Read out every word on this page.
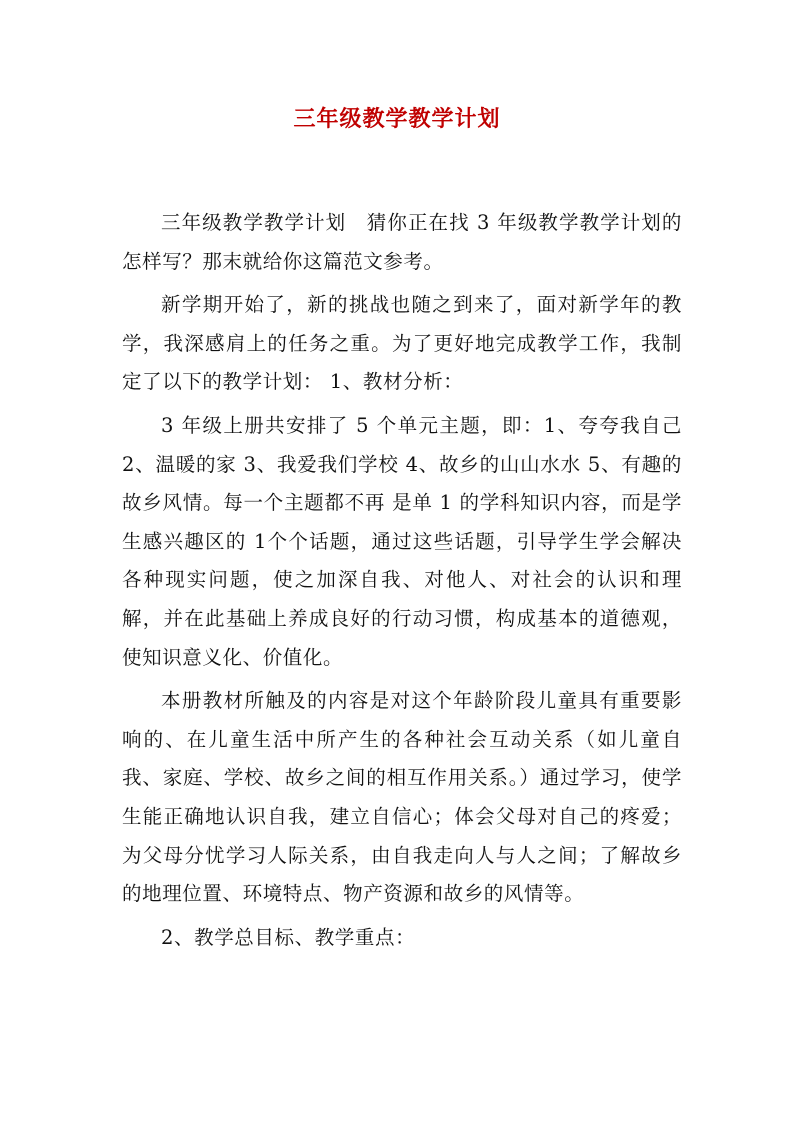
三年级教学教学计划

三年级教学教学计划　猜你正在找 3 年级教学教学计划的怎样写？那末就给你这篇范文参考。

新学期开始了，新的挑战也随之到来了，面对新学年的教学，我深感肩上的任务之重。为了更好地完成教学工作，我制定了以下的教学计划： 1、教材分析：

3 年级上册共安排了 5 个单元主题，即：1、夸夸我自己 2、温暖的家 3、我爱我们学校 4、故乡的山山水水 5、有趣的故乡风情。每一个主题都不再 是单 1 的学科知识内容，而是学生感兴趣区的 1个个话题，通过这些话题，引导学生学会解决各种现实问题，使之加深自我、对他人、对社会的认识和理解，并在此基础上养成良好的行动习惯，构成基本的道德观，使知识意义化、价值化。

本册教材所触及的内容是对这个年龄阶段儿童具有重要影响的、在儿童生活中所产生的各种社会互动关系（如儿童自我、家庭、学校、故乡之间的相互作用关系。）通过学习，使学生能正确地认识自我，建立自信心；体会父母对自己的疼爱；为父母分忧学习人际关系，由自我走向人与人之间；了解故乡的地理位置、环境特点、物产资源和故乡的风情等。

2、教学总目标、教学重点：
